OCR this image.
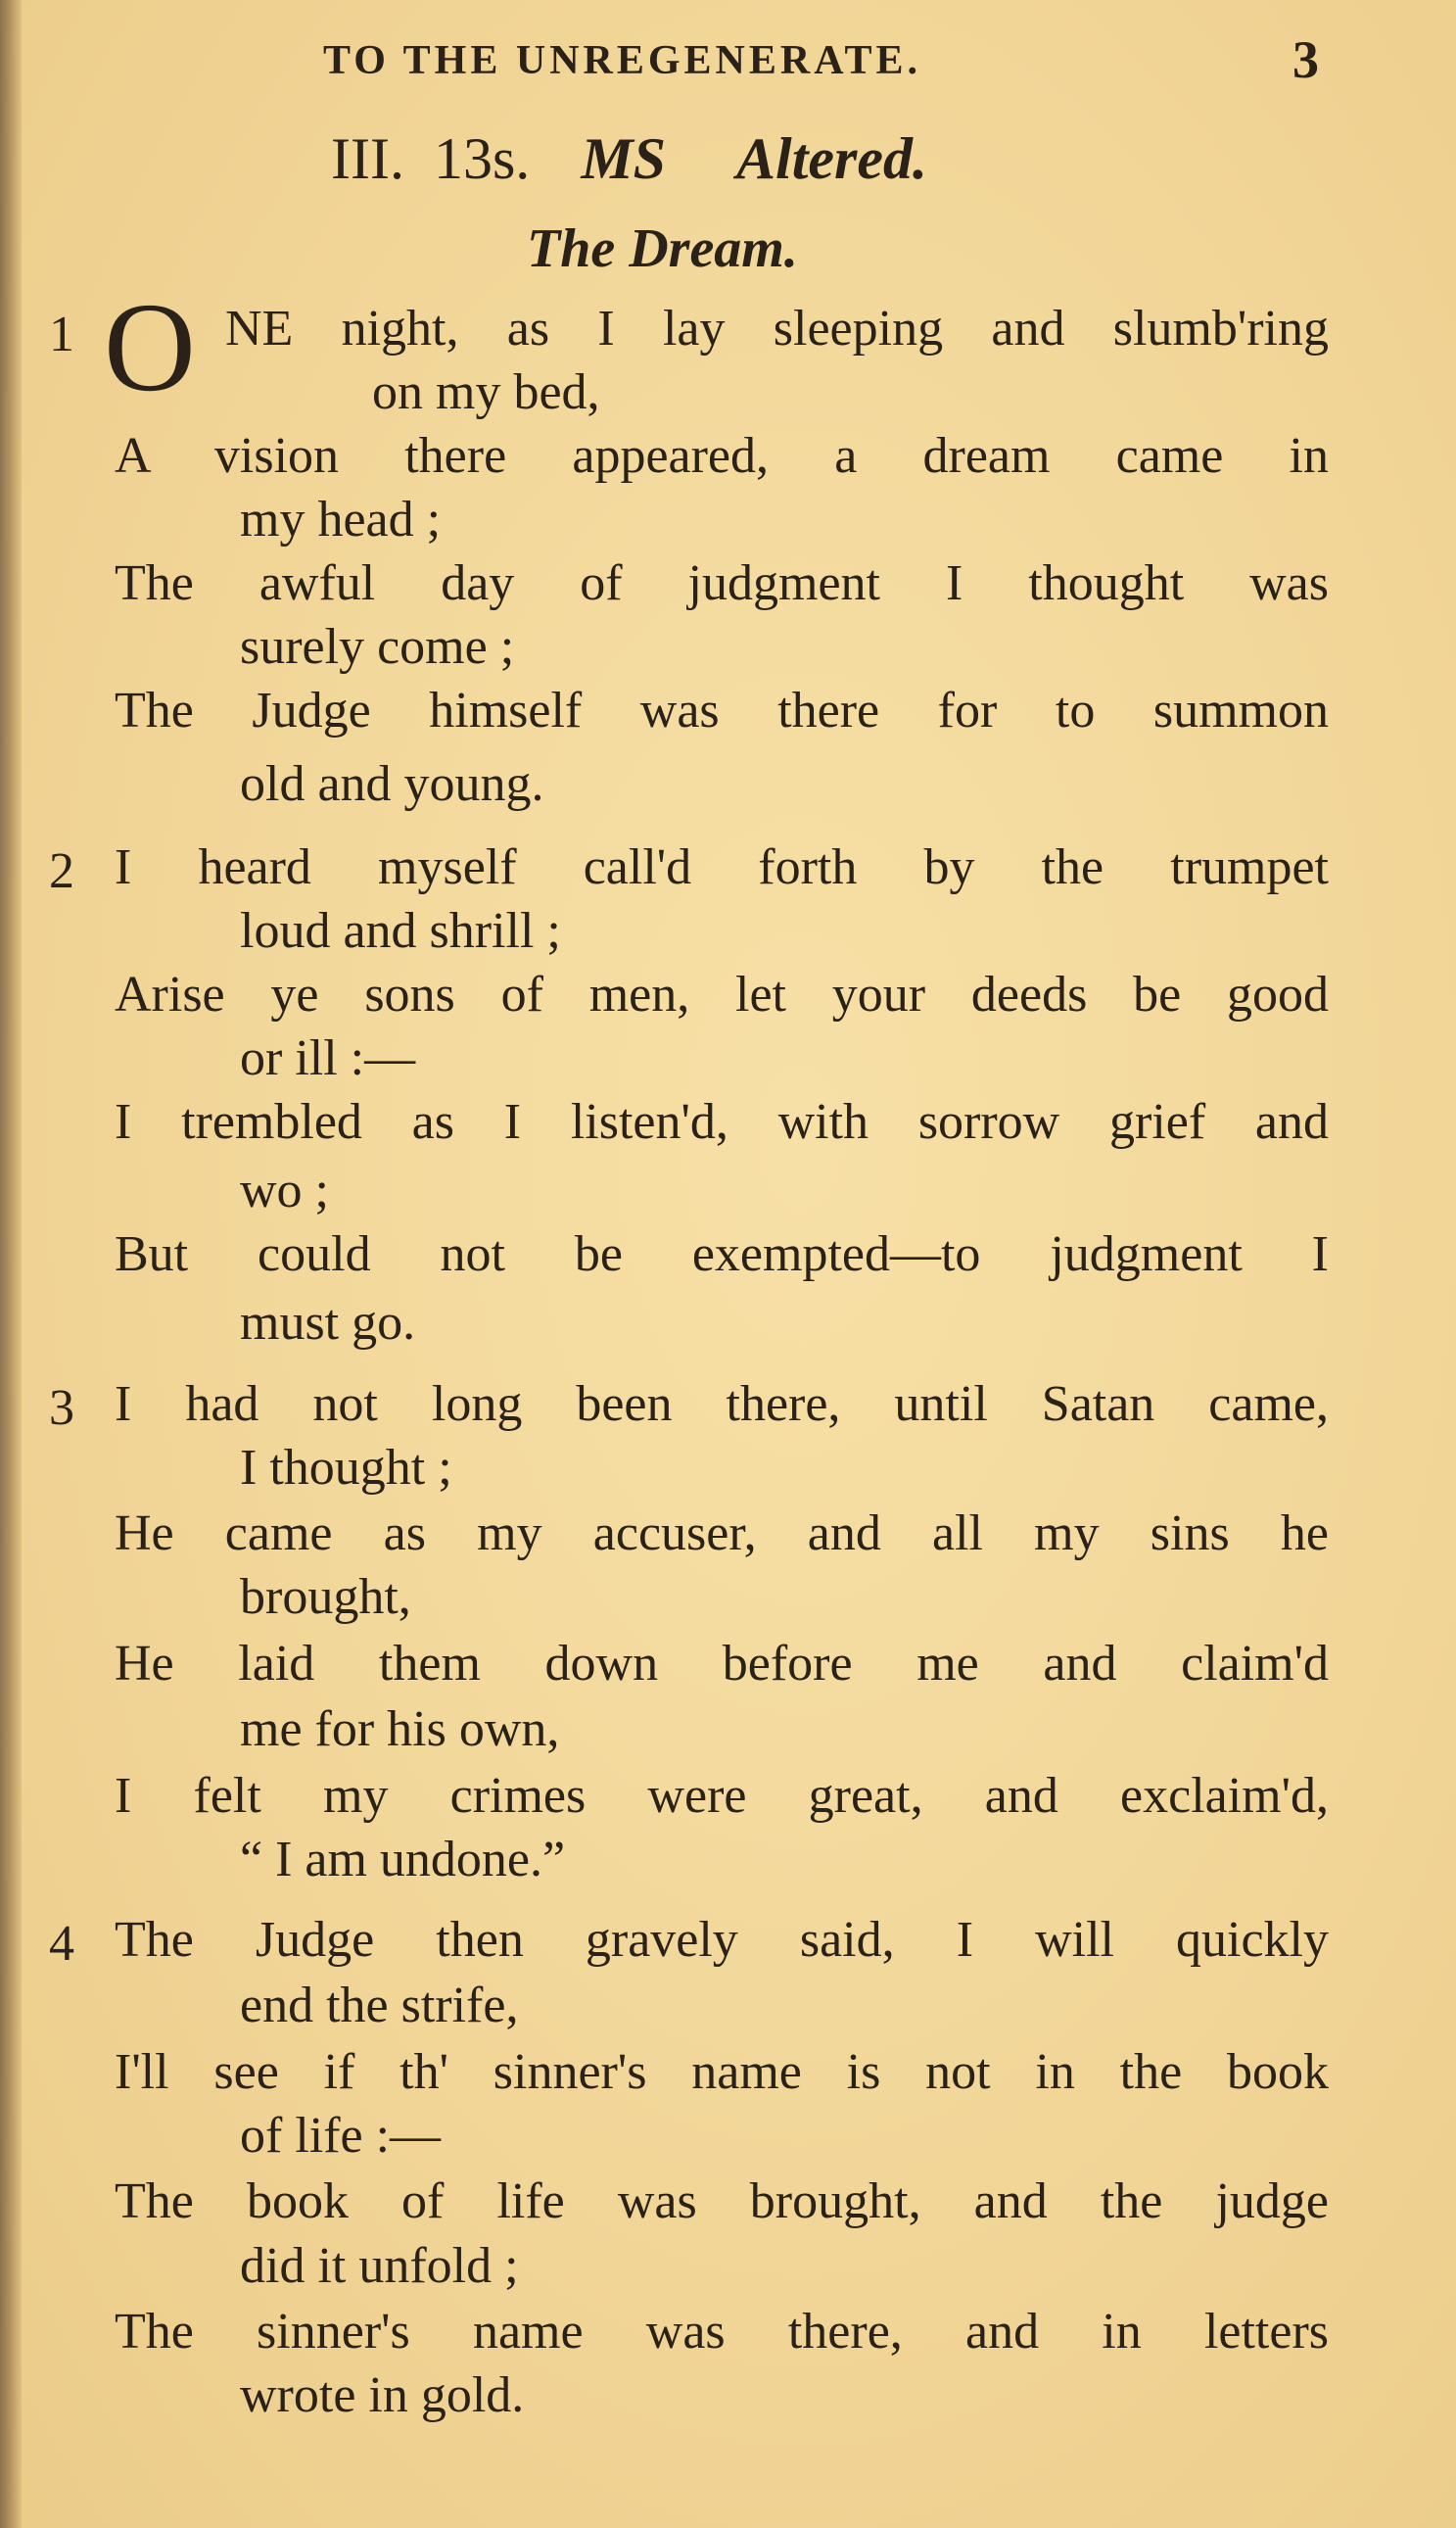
TO THE UNREGENERATE.	3
III. 13s. MS Altered.
The Dream.
1 O NE night, as I lay sleeping and slumb'ring
on my bed,
A vision there appeared, a dream came in
my head ;
The awful day of judgment I thought was
surely come ;
The Judge himself was there for to summon
old and young.
2 I heard myself call'd forth by the trumpet
loud and shrill ;
Arise ye sons of men, let your deeds be good
or ill :—
I trembled as I listen'd, with sorrow grief and
wo ;
But could not be exempted—to judgment I
must go.
3 I had not long been there, until Satan came,
I thought ;
He came as my accuser, and all my sins he
brought,
He laid them down before me and claim'd
me for his own,
I felt my crimes were great, and exclaim'd,
“ I am undone.”
4 The Judge then gravely said, I will quickly
end the strife,
I'll see if th' sinner's name is not in the book
of life :—
The book of life was brought, and the judge
did it unfold ;
The sinner's name was there, and in letters
wrote in gold.
